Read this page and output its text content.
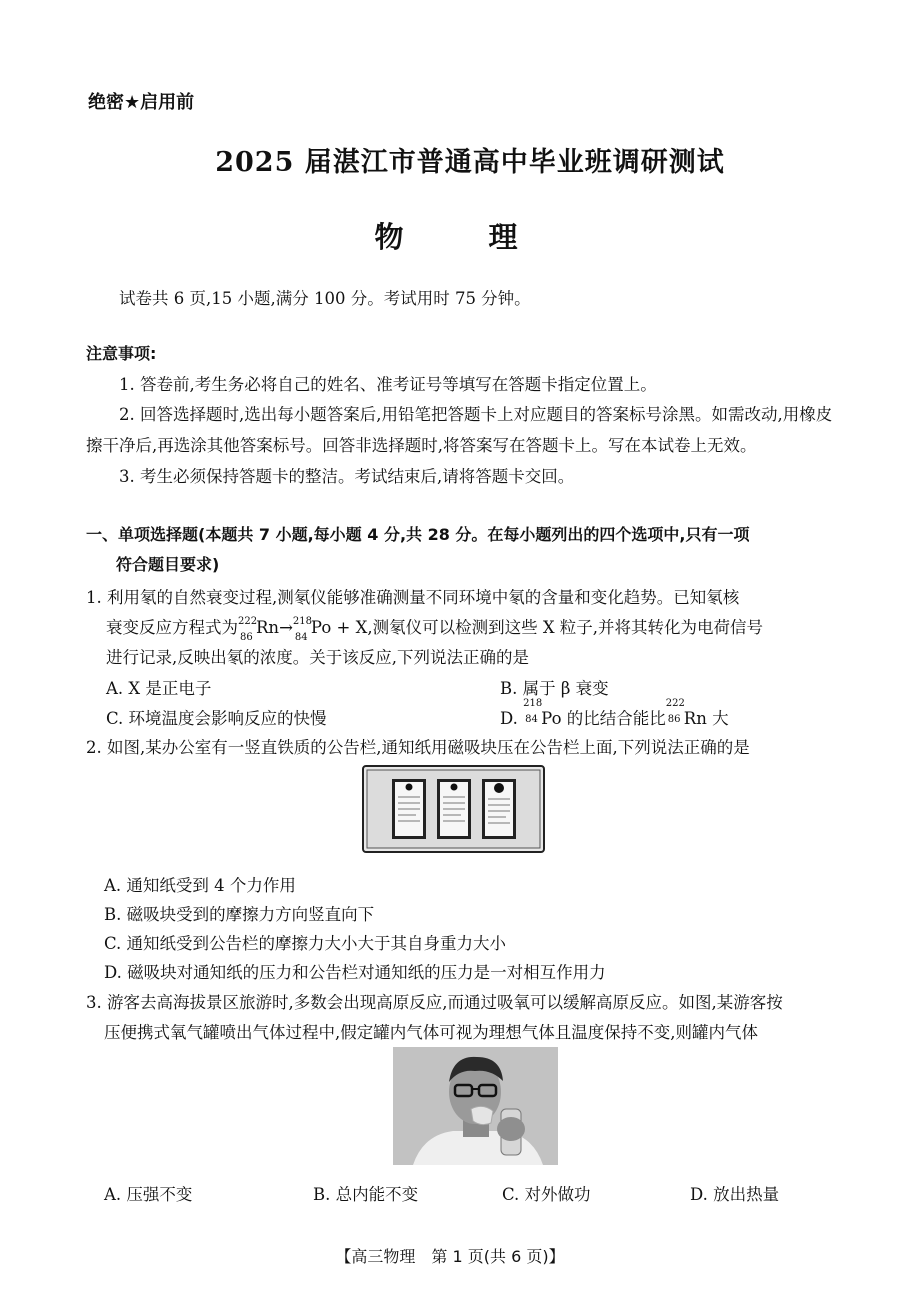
绝密★启用前
2025 届湛江市普通高中毕业班调研测试
物　理
试卷共 6 页,15 小题,满分 100 分。考试用时 75 分钟。
注意事项:
1. 答卷前,考生务必将自己的姓名、准考证号等填写在答题卡指定位置上。
2. 回答选择题时,选出每小题答案后,用铅笔把答题卡上对应题目的答案标号涂黑。如需改动,用橡皮擦干净后,再选涂其他答案标号。回答非选择题时,将答案写在答题卡上。写在本试卷上无效。
3. 考生必须保持答题卡的整洁。考试结束后,请将答题卡交回。
一、单项选择题(本题共 7 小题,每小题 4 分,共 28 分。在每小题列出的四个选项中,只有一项
符合题目要求)
1. 利用氡的自然衰变过程,测氡仪能够准确测量不同环境中氡的含量和变化趋势。已知氡核
衰变反应方程式为 222
86
Rn→ 218
84
Po + X,测氡仪可以检测到这些 X 粒子,并将其转化为电荷信号
进行记录,反映出氡的浓度。关于该反应,下列说法正确的是
A. X 是正电子	B. 属于 β 衰变
C. 环境温度会影响反应的快慢	D.
218
84 Po 的比结合能比
222
86 Rn 大
2. 如图,某办公室有一竖直铁质的公告栏,通知纸用磁吸块压在公告栏上面,下列说法正确的是
A. 通知纸受到 4 个力作用
B. 磁吸块受到的摩擦力方向竖直向下
C. 通知纸受到公告栏的摩擦力大小大于其自身重力大小
D. 磁吸块对通知纸的压力和公告栏对通知纸的压力是一对相互作用力
3. 游客去高海拔景区旅游时,多数会出现高原反应,而通过吸氧可以缓解高原反应。如图,某游客按
压便携式氧气罐喷出气体过程中,假定罐内气体可视为理想气体且温度保持不变,则罐内气体
A. 压强不变	B. 总内能不变	C. 对外做功	D. 放出热量
【高三物理　第 1 页(共 6 页)】
